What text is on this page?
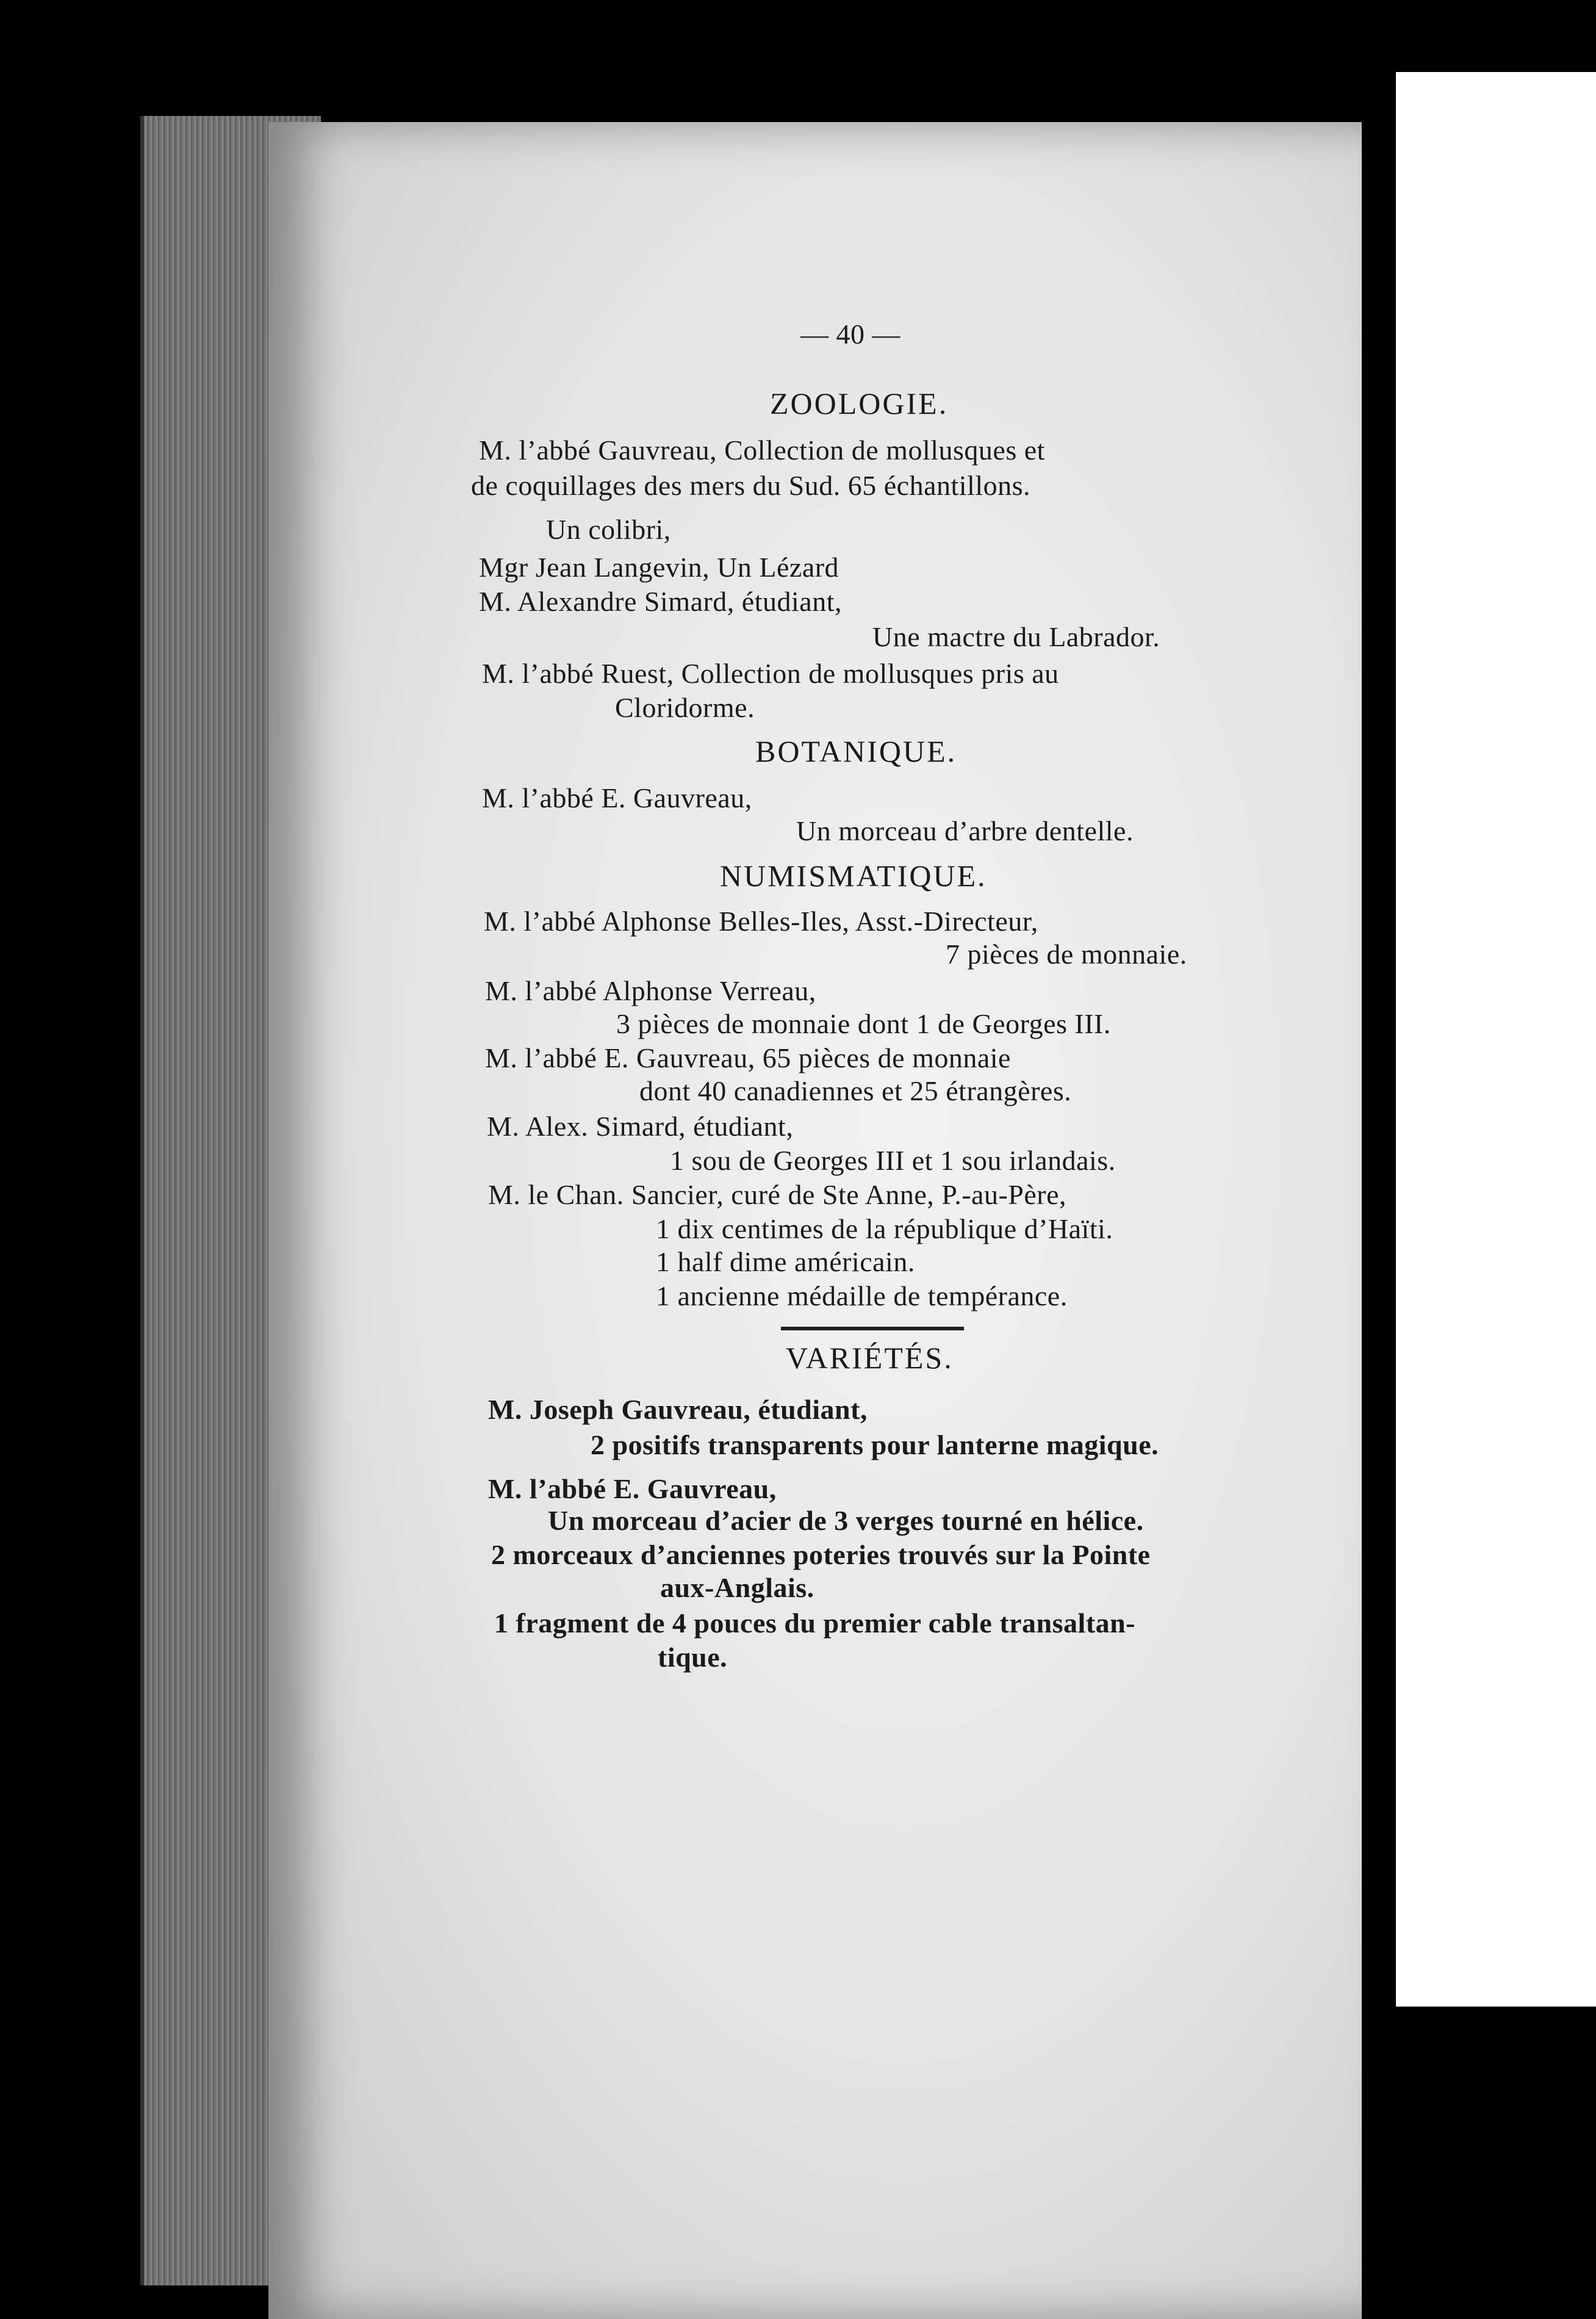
— 40 —
ZOOLOGIE.
M. l’abbé Gauvreau, Collection de mollusques et
de coquillages des mers du Sud. 65 échantillons.
Un colibri,
Mgr Jean Langevin, Un Lézard
M. Alexandre Simard, étudiant,
Une mactre du Labrador.
M. l’abbé Ruest, Collection de mollusques pris au
Cloridorme.
BOTANIQUE.
M. l’abbé E. Gauvreau,
Un morceau d’arbre dentelle.
NUMISMATIQUE.
M. l’abbé Alphonse Belles-Iles, Asst.-Directeur,
7 pièces de monnaie.
M. l’abbé Alphonse Verreau,
3 pièces de monnaie dont 1 de Georges III.
M. l’abbé E. Gauvreau, 65 pièces de monnaie
dont 40 canadiennes et 25 étrangères.
M. Alex. Simard, étudiant,
1 sou de Georges III et 1 sou irlandais.
M. le Chan. Sancier, curé de Ste Anne, P.-au-Père,
1 dix centimes de la république d’Haïti.
1 half dime américain.
1 ancienne médaille de tempérance.
VARIÉTÉS.
M. Joseph Gauvreau, étudiant,
2 positifs transparents pour lanterne magique.
M. l’abbé E. Gauvreau,
Un morceau d’acier de 3 verges tourné en hélice.
2 morceaux d’anciennes poteries trouvés sur la Pointe
aux-Anglais.
1 fragment de 4 pouces du premier cable transaltan-
tique.
